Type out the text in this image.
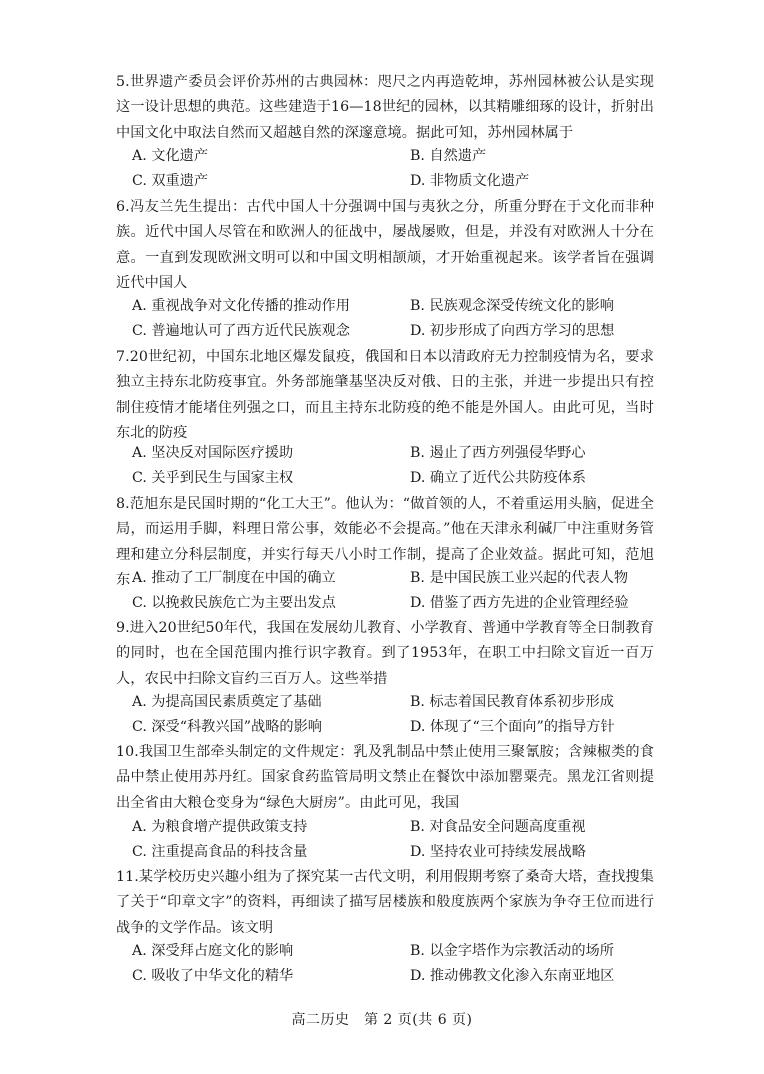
5.世界遗产委员会评价苏州的古典园林：咫尺之内再造乾坤，苏州园林被公认是实现这一设计思想的典范。这些建造于16—18世纪的园林，以其精雕细琢的设计，折射出中国文化中取法自然而又超越自然的深邃意境。据此可知，苏州园林属于
A. 文化遗产	B. 自然遗产
C. 双重遗产	D. 非物质文化遗产
6.冯友兰先生提出：古代中国人十分强调中国与夷狄之分，所重分野在于文化而非种族。近代中国人尽管在和欧洲人的征战中，屡战屡败，但是，并没有对欧洲人十分在意。一直到发现欧洲文明可以和中国文明相颉颃，才开始重视起来。该学者旨在强调近代中国人
A. 重视战争对文化传播的推动作用	B. 民族观念深受传统文化的影响
C. 普遍地认可了西方近代民族观念	D. 初步形成了向西方学习的思想
7.20世纪初，中国东北地区爆发鼠疫，俄国和日本以清政府无力控制疫情为名，要求独立主持东北防疫事宜。外务部施肇基坚决反对俄、日的主张，并进一步提出只有控制住疫情才能堵住列强之口，而且主持东北防疫的绝不能是外国人。由此可见，当时东北的防疫
A. 坚决反对国际医疗援助	B. 遏止了西方列强侵华野心
C. 关乎到民生与国家主权	D. 确立了近代公共防疫体系
8.范旭东是民国时期的“化工大王”。他认为：“做首领的人，不着重运用头脑，促进全局，而运用手脚，料理日常公事，效能必不会提高。”他在天津永利碱厂中注重财务管理和建立分科层制度，并实行每天八小时工作制，提高了企业效益。据此可知，范旭东 A. 推动了工厂制度在中国的确立	B. 是中国民族工业兴起的代表人物
C. 以挽救民族危亡为主要出发点	D. 借鉴了西方先进的企业管理经验
9.进入20世纪50年代，我国在发展幼儿教育、小学教育、普通中学教育等全日制教育的同时，也在全国范围内推行识字教育。到了1953年，在职工中扫除文盲近一百万人，农民中扫除文盲约三百万人。这些举措
A. 为提高国民素质奠定了基础	B. 标志着国民教育体系初步形成
C. 深受“科教兴国”战略的影响	D. 体现了“三个面向”的指导方针
10.我国卫生部牵头制定的文件规定：乳及乳制品中禁止使用三聚氰胺；含辣椒类的食品中禁止使用苏丹红。国家食药监管局明文禁止在餐饮中添加罂粟壳。黑龙江省则提出全省由大粮仓变身为“绿色大厨房”。由此可见，我国
A. 为粮食增产提供政策支持	B. 对食品安全问题高度重视
C. 注重提高食品的科技含量	D. 坚持农业可持续发展战略
11.某学校历史兴趣小组为了探究某一古代文明，利用假期考察了桑奇大塔，查找搜集了关于“印章文字”的资料，再细读了描写居楼族和般度族两个家族为争夺王位而进行战争的文学作品。该文明
A. 深受拜占庭文化的影响	B. 以金字塔作为宗教活动的场所
C. 吸收了中华文化的精华	D. 推动佛教文化渗入东南亚地区
高二历史　第 2 页(共 6 页)
